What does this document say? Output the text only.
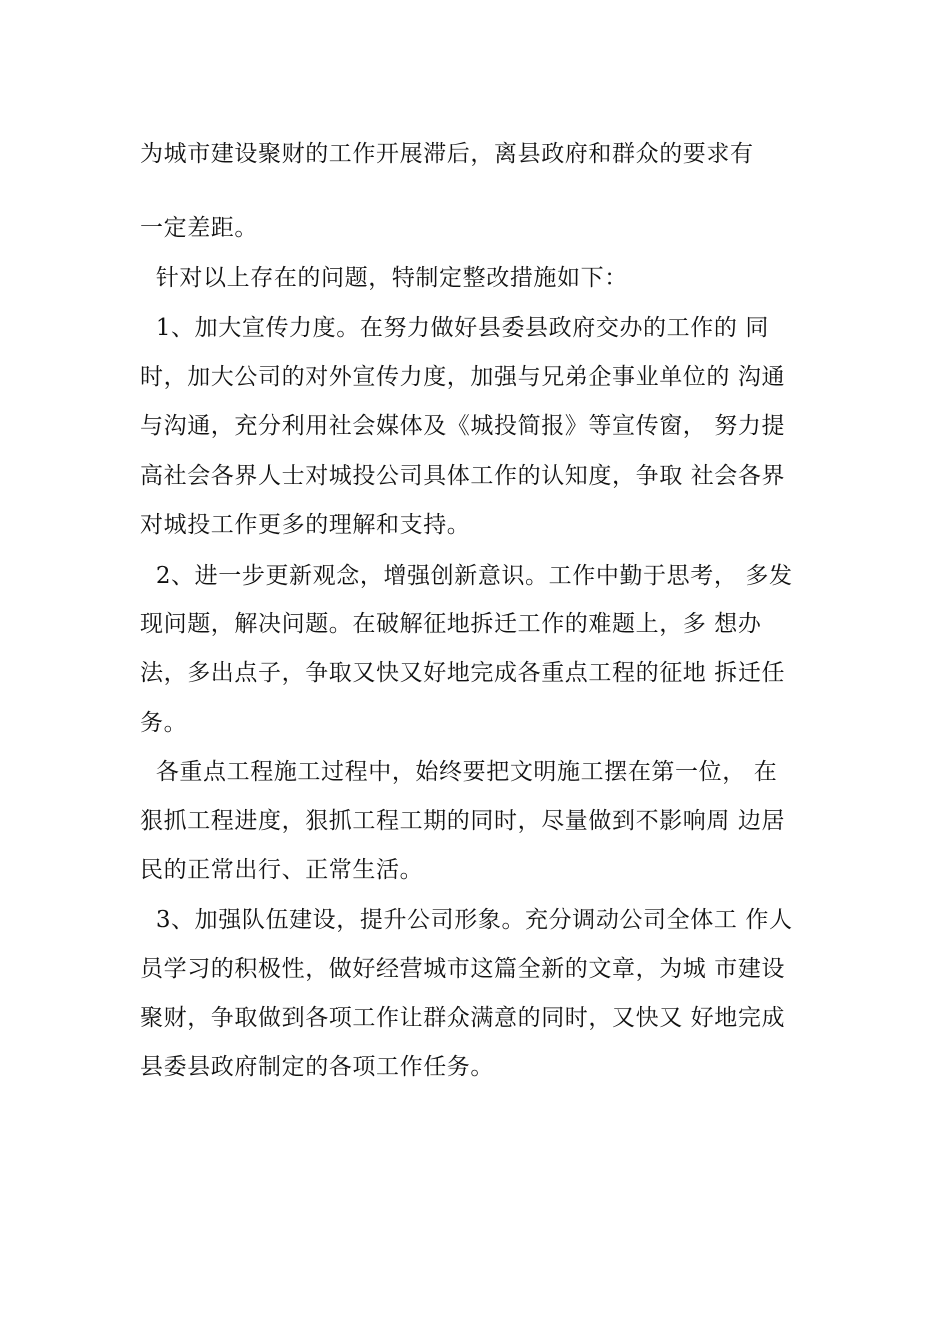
为城市建设聚财的工作开展滞后，离县政府和群众的要求有
一定差距。
针对以上存在的问题，特制定整改措施如下：
1、加大宣传力度。在努力做好县委县政府交办的工作的 同
时，加大公司的对外宣传力度，加强与兄弟企事业单位的 沟通
与沟通，充分利用社会媒体及《城投简报》等宣传窗， 努力提
高社会各界人士对城投公司具体工作的认知度，争取 社会各界
对城投工作更多的理解和支持。
2、进一步更新观念，增强创新意识。工作中勤于思考， 多发
现问题，解决问题。在破解征地拆迁工作的难题上，多 想办
法，多出点子，争取又快又好地完成各重点工程的征地 拆迁任
务。
各重点工程施工过程中，始终要把文明施工摆在第一位， 在
狠抓工程进度，狠抓工程工期的同时，尽量做到不影响周 边居
民的正常出行、正常生活。
3、加强队伍建设，提升公司形象。充分调动公司全体工 作人
员学习的积极性，做好经营城市这篇全新的文章，为城 市建设
聚财，争取做到各项工作让群众满意的同时，又快又 好地完成
县委县政府制定的各项工作任务。
